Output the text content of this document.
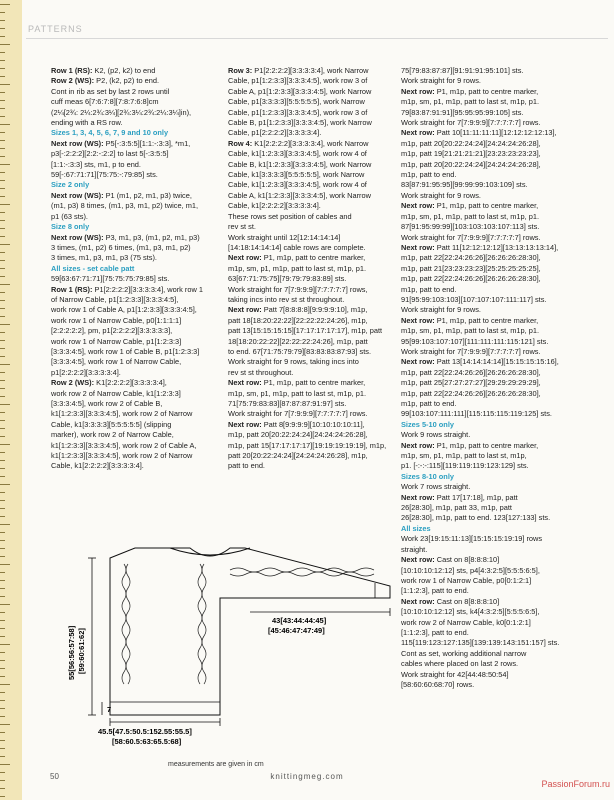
PATTERNS

Row 1 (RS): K2, (p2, k2) to end

Row 2 (WS): P2, (k2, p2) to end.

Cont in rib as set by last 2 rows until

cuff meas 6[7:6:7:8][7:8:7:6:8]cm

(2¼[2¾: 2¼:2¾:3¼][2¾:3¼:2¾:2¼:3¼]in),

ending with a RS row.

Sizes 1, 3, 4, 5, 6, 7, 9 and 10 only

Next row (WS): P5[-:3:5:5][1:1:-:3:3], *m1,

p3[-:2:2:2][2:2:-:2:2] to last 5[-:3:5:5]

[1:1:-:3:3] sts, m1, p to end.

59[-:67:71:71][75:75:-:79:85] sts.

Size 2 only

Next row (WS): P1 (m1, p2, m1, p3) twice,

(m1, p3) 8 times, (m1, p3, m1, p2) twice, m1,

p1 (63 sts).

Size 8 only

Next row (WS): P3, m1, p3, (m1, p2, m1, p3)

3 times, (m1, p2) 6 times, (m1, p3, m1, p2)

3 times, m1, p3, m1, p3 (75 sts).

All sizes - set cable patt

59[63:67:71:71][75:75:75:79:85] sts.

Row 1 (RS): P1[2:2:2:2][3:3:3:3:4], work row 1

of Narrow Cable, p1[1:2:3:3][3:3:3:4:5],

work row 1 of Cable A, p1[1:2:3:3][3:3:3:4:5],

work row 1 of Narrow Cable, p0[1:1:1:1]

[2:2:2:2:2], pm, p1[2:2:2:2][3:3:3:3:3],

work row 1 of Narrow Cable, p1[1:2:3:3]

[3:3:3:4:5], work row 1 of Cable B, p1[1:2:3:3]

[3:3:3:4:5], work row 1 of Narrow Cable,

p1[2:2:2:2][3:3:3:3:4].

Row 2 (WS): K1[2:2:2:2][3:3:3:3:4],

work row 2 of Narrow Cable, k1[1:2:3:3]

[3:3:3:4:5], work row 2 of Cable B,

k1[1:2:3:3][3:3:3:4:5], work row 2 of Narrow

Cable, k1[3:3:3:3][5:5:5:5:5] (slipping

marker), work row 2 of Narrow Cable,

k1[1:2:3:3][3:3:3:4:5], work row 2 of Cable A,

k1[1:2:3:3][3:3:3:4:5], work row 2 of Narrow

Cable, k1[2:2:2:2][3:3:3:3:4].

Row 3: P1[2:2:2:2][3:3:3:3:4], work Narrow

Cable, p1[1:2:3:3][3:3:3:4:5], work row 3 of

Cable A, p1[1:2:3:3][3:3:3:4:5], work Narrow

Cable, p1[3:3:3:3][5:5:5:5:5], work Narrow

Cable, p1[1:2:3:3][3:3:3:4:5], work row 3 of

Cable B, p1[1:2:3:3][3:3:3:4:5], work Narrow

Cable, p1[2:2:2:2][3:3:3:3:4].

Row 4: K1[2:2:2:2][3:3:3:3:4], work Narrow

Cable, k1[1:2:3:3][3:3:3:4:5], work row 4 of

Cable B, k1[1:2:3:3][3:3:3:4:5], work Narrow

Cable, k1[3:3:3:3][5:5:5:5:5], work Narrow

Cable, k1[1:2:3:3][3:3:3:4:5], work row 4 of

Cable A, k1[1:2:3:3][3:3:3:4:5], work Narrow

Cable, k1[2:2:2:2][3:3:3:3:4].

These rows set position of cables and

rev st st.

Work straight until 12[12:14:14:14]

[14:18:14:14:14] cable rows are complete.

Next row: P1, m1p, patt to centre marker,

m1p, sm, p1, m1p, patt to last st, m1p, p1.

63[67:71:75:75][79:79:79:83:89] sts.

Work straight for 7[7:9:9:9][7:7:7:7:7] rows,

taking incs into rev st st throughout.

Next row: Patt 7[8:8:8:8][9:9:9:9:10], m1p,

patt 18[18:20:22:22][22:22:22:24:26], m1p,

patt 13[15:15:15:15][17:17:17:17:17], m1p, patt

18[18:20:22:22][22:22:22:24:26], m1p, patt

to end. 67[71:75:79:79][83:83:83:87:93] sts.

Work straight for 9 rows, taking incs into

rev st st throughout.

Next row: P1, m1p, patt to centre marker,

m1p, sm, p1, m1p, patt to last st, m1p, p1.

71[75:79:83:83][87:87:87:91:97] sts.

Work straight for 7[7:9:9:9][7:7:7:7:7] rows.

Next row: Patt 8[9:9:9:9][10:10:10:10:11],

m1p, patt 20[20:22:24:24][24:24:24:26:28],

m1p, patt 15[17:17:17:17][19:19:19:19:19], m1p,

patt 20[20:22:24:24][24:24:24:26:28], m1p,

patt to end.

75[79:83:87:87][91:91:91:95:101] sts.

Work straight for 9 rows.

Next row: P1, m1p, patt to centre marker,

m1p, sm, p1, m1p, patt to last st, m1p, p1.

79[83:87:91:91][95:95:95:99:105] sts.

Work straight for 7[7:9:9:9][7:7:7:7:7] rows.

Next row: Patt 10[11:11:11:11][12:12:12:12:13],

m1p, patt 20[20:22:24:24][24:24:24:26:28],

m1p, patt 19[21:21:21:21][23:23:23:23:23],

m1p, patt 20[20:22:24:24][24:24:24:26:28],

m1p, patt to end.

83[87:91:95:95][99:99:99:103:109] sts.

Work straight for 9 rows.

Next row: P1, m1p, patt to centre marker,

m1p, sm, p1, m1p, patt to last st, m1p, p1.

87[91:95:99:99][103:103:103:107:113] sts.

Work straight for 7[7:9:9:9][7:7:7:7:7] rows.

Next row: Patt 11[12:12:12:12][13:13:13:13:14],

m1p, patt 22[22:24:26:26][26:26:26:28:30],

m1p, patt 21[23:23:23:23][25:25:25:25:25],

m1p, patt 22[22:24:26:26][26:26:26:28:30],

m1p, patt to end.

91[95:99:103:103][107:107:107:111:117] sts.

Work straight for 9 rows.

Next row: P1, m1p, patt to centre marker,

m1p, sm, p1, m1p, patt to last st, m1p, p1.

95[99:103:107:107][111:111:111:115:121] sts.

Work straight for 7[7:9:9:9][7:7:7:7:7] rows.

Next row: Patt 13[14:14:14:14][15:15:15:15:16],

m1p, patt 22[22:24:26:26][26:26:26:28:30],

m1p, patt 25[27:27:27:27][29:29:29:29:29],

m1p, patt 22[22:24:26:26][26:26:26:28:30],

m1p, patt to end.

99[103:107:111:111][115:115:115:119:125] sts.

Sizes 5-10 only

Work 9 rows straight.

Next row: P1, m1p, patt to centre marker,

m1p, sm, p1, m1p, patt to last st, m1p,

p1. [-:-:-:115][119:119:119:123:129] sts.

Sizes 8-10 only

Work 7 rows straight.

Next row: Patt 17[17:18], m1p, patt

26[28:30], m1p, patt 33, m1p, patt

26[28:30], m1p, patt to end. 123[127:133] sts.

All sizes

Work 23[19:15:11:13][15:15:15:19:19] rows

straight.

Next row: Cast on 8[8:8:8:10]

[10:10:10:12:12] sts, p4[4:3:2:5][5:5:5:6:5],

work row 1 of Narrow Cable, p0[0:1:2:1]

[1:1:2:3], patt to end.

Next row: Cast on 8[8:8:8:10]

[10:10:10:12:12] sts, k4[4:3:2:5][5:5:5:6:5],

work row 2 of Narrow Cable, k0[0:1:2:1]

[1:1:2:3], patt to end.

115[119:123:127:135][139:139:143:151:157] sts.

Cont as set, working additional narrow

cables where placed on last 2 rows.

Work straight for 42[44:48:50:54]

[58:60:60:68:70] rows.

55[56:56:57:58] [59:60:61:62]
43[43:44:44:45]
[45:46:47:47:49]
7
45.5[47.5:50.5:152.55:55.5]
[58:60.5:63:65.5:68]
measurements are given in cm
50	knittingmeg.com
PassionForum.ru
